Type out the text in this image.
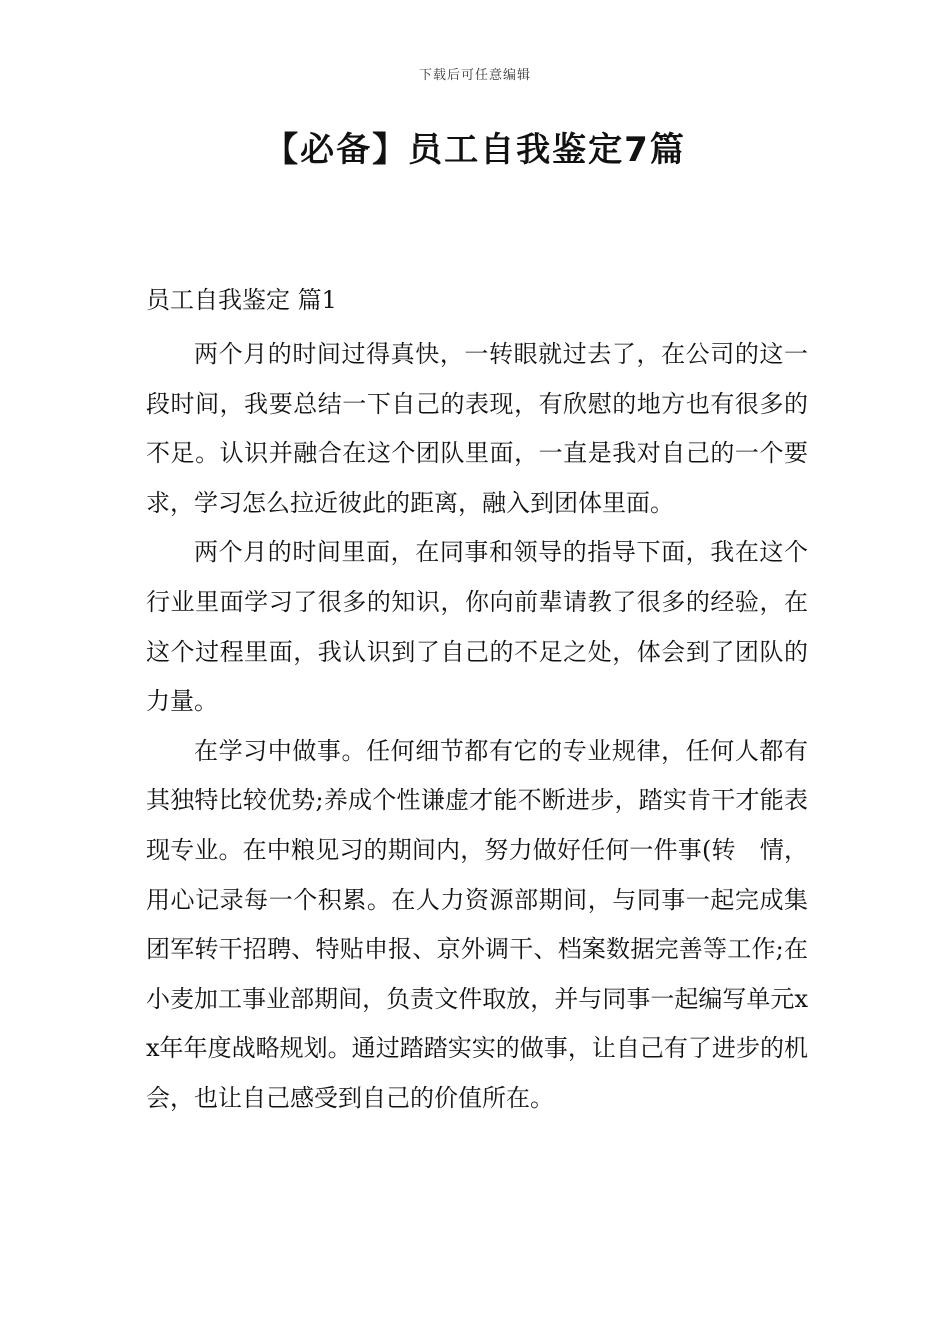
下载后可任意编辑
【必备】员工自我鉴定7篇

员工自我鉴定 篇1

两个月的时间过得真快，一转眼就过去了，在公司的这一段时间，我要总结一下自己的表现，有欣慰的地方也有很多的不足。认识并融合在这个团队里面，一直是我对自己的一个要求，学习怎么拉近彼此的距离，融入到团体里面。

两个月的时间里面，在同事和领导的指导下面，我在这个行业里面学习了很多的知识，你向前辈请教了很多的经验，在这个过程里面，我认识到了自己的不足之处，体会到了团队的力量。

在学习中做事。任何细节都有它的专业规律，任何人都有其独特比较优势;养成个性谦虚才能不断进步，踏实肯干才能表现专业。在中粮见习的期间内，努力做好任何一件事(转　情，用心记录每一个积累。在人力资源部期间，与同事一起完成集团军转干招聘、特贴申报、京外调干、档案数据完善等工作;在小麦加工事业部期间，负责文件取放，并与同事一起编写单元xx年年度战略规划。通过踏踏实实的做事，让自己有了进步的机会，也让自己感受到自己的价值所在。
